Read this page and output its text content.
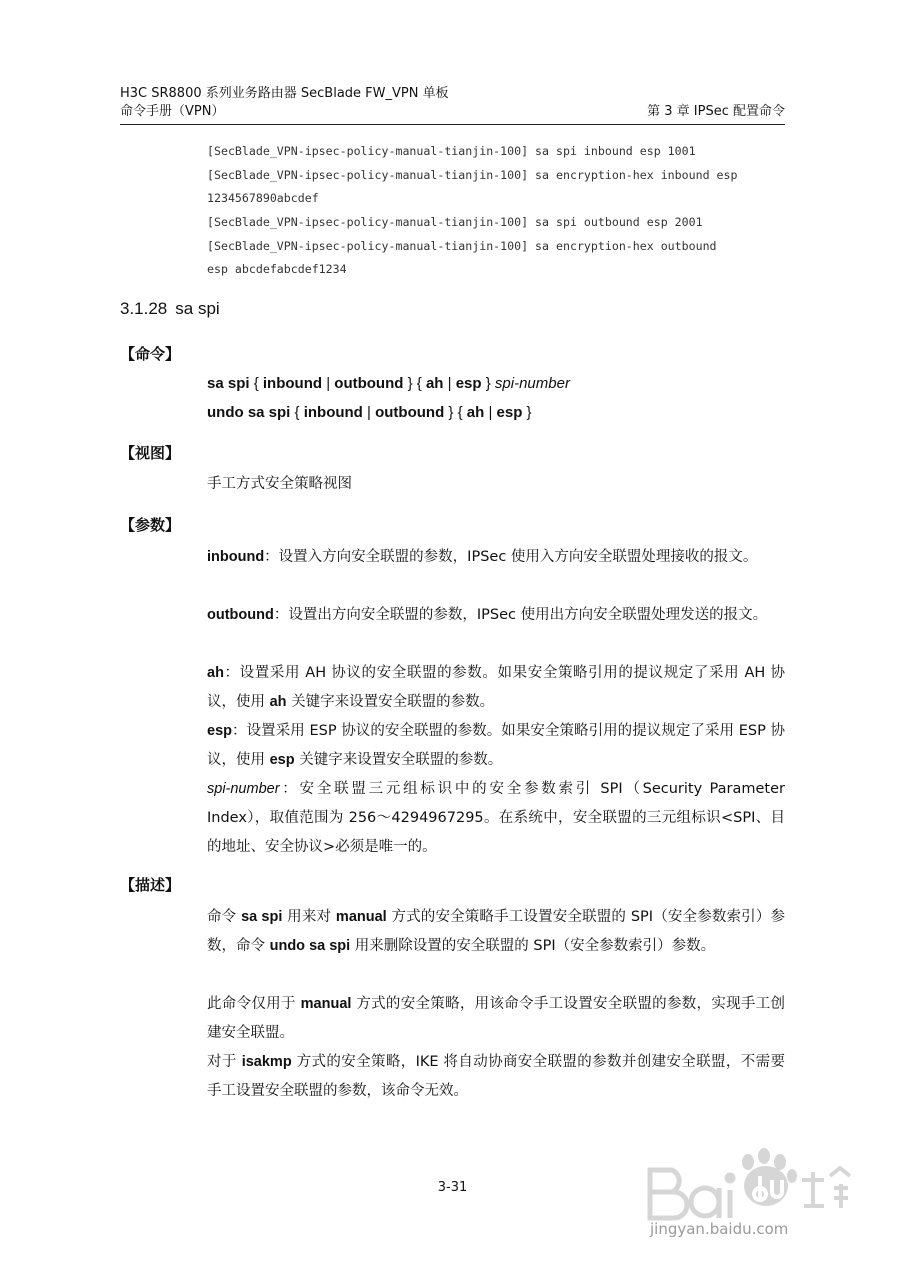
H3C SR8800 系列业务路由器 SecBlade FW_VPN 单板
命令手册（VPN）	第 3 章 IPSec 配置命令
[SecBlade_VPN-ipsec-policy-manual-tianjin-100] sa spi inbound esp 1001
[SecBlade_VPN-ipsec-policy-manual-tianjin-100] sa encryption-hex inbound esp
1234567890abcdef
[SecBlade_VPN-ipsec-policy-manual-tianjin-100] sa spi outbound esp 2001
[SecBlade_VPN-ipsec-policy-manual-tianjin-100] sa encryption-hex outbound
esp abcdefabcdef1234
3.1.28 sa spi
【命令】
sa spi { inbound | outbound } { ah | esp } spi-number
undo sa spi { inbound | outbound } { ah | esp }
【视图】
手工方式安全策略视图
【参数】
inbound：设置入方向安全联盟的参数，IPSec 使用入方向安全联盟处理接收的报文。
outbound：设置出方向安全联盟的参数，IPSec 使用出方向安全联盟处理发送的报文。
ah：设置采用 AH 协议的安全联盟的参数。如果安全策略引用的提议规定了采用 AH 协议，使用 ah 关键字来设置安全联盟的参数。
esp：设置采用 ESP 协议的安全联盟的参数。如果安全策略引用的提议规定了采用 ESP 协议，使用 esp 关键字来设置安全联盟的参数。
spi-number：安全联盟三元组标识中的安全参数索引 SPI（Security Parameter Index），取值范围为 256～4294967295。在系统中，安全联盟的三元组标识<SPI、目的地址、安全协议>必须是唯一的。
【描述】
命令 sa spi 用来对 manual 方式的安全策略手工设置安全联盟的 SPI（安全参数索引）参数，命令 undo sa spi 用来删除设置的安全联盟的 SPI（安全参数索引）参数。
此命令仅用于 manual 方式的安全策略，用该命令手工设置安全联盟的参数，实现手工创建安全联盟。
对于 isakmp 方式的安全策略，IKE 将自动协商安全联盟的参数并创建安全联盟，不需要手工设置安全联盟的参数，该命令无效。
3-31
jingyan.baidu.com
